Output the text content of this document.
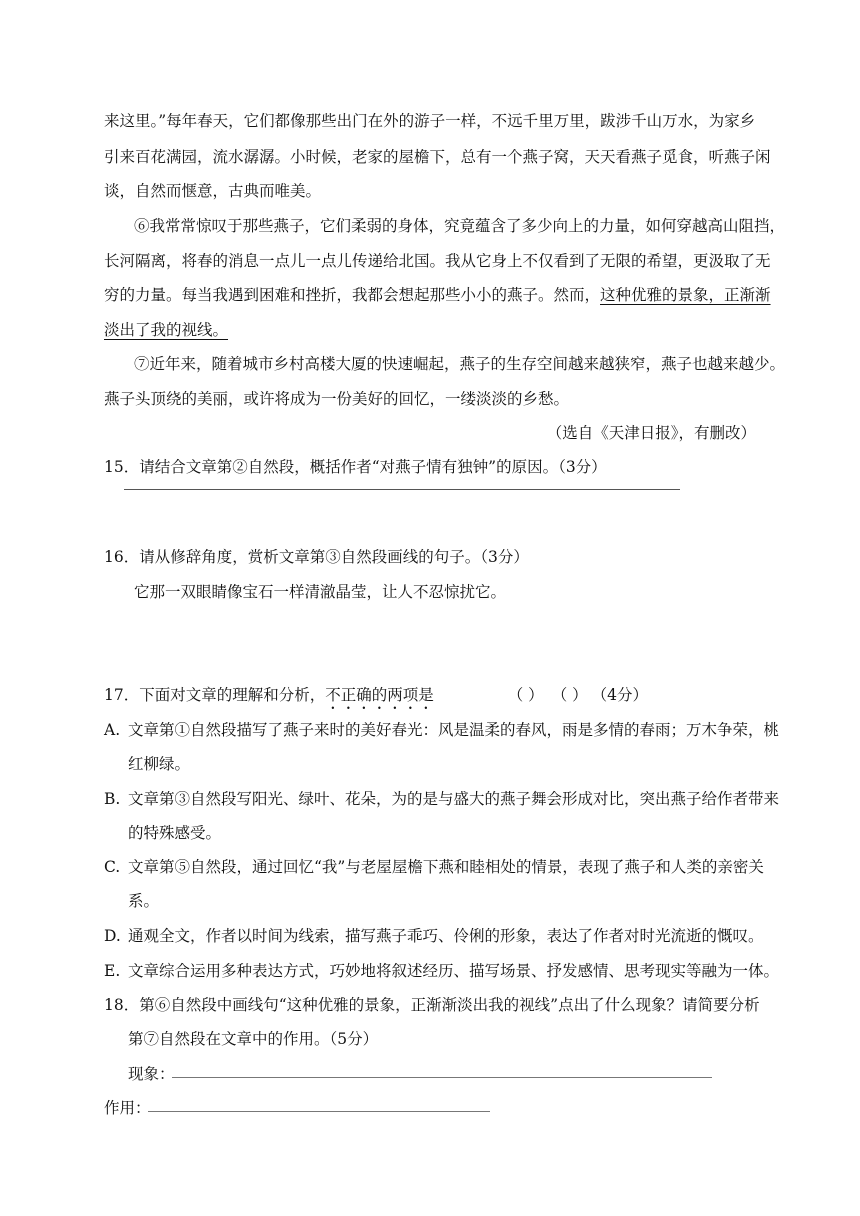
来这里。”每年春天，它们都像那些出门在外的游子一样，不远千里万里，跋涉千山万水，为家乡
引来百花满园，流水潺潺。小时候，老家的屋檐下，总有一个燕子窝，天天看燕子觅食，听燕子闲
谈，自然而惬意，古典而唯美。
⑥我常常惊叹于那些燕子，它们柔弱的身体，究竟蕴含了多少向上的力量，如何穿越高山阻挡，
长河隔离，将春的消息一点儿一点儿传递给北国。我从它身上不仅看到了无限的希望，更汲取了无
穷的力量。每当我遇到困难和挫折，我都会想起那些小小的燕子。然而，这种优雅的景象，正渐渐
淡出了我的视线。
⑦近年来，随着城市乡村高楼大厦的快速崛起，燕子的生存空间越来越狭窄，燕子也越来越少。
燕子头顶绕的美丽，或许将成为一份美好的回忆，一缕淡淡的乡愁。
（选自《天津日报》，有删改）
15．请结合文章第②自然段，概括作者“对燕子情有独钟”的原因。（3分）
16．请从修辞角度，赏析文章第③自然段画线的句子。（3分）
它那一双眼睛像宝石一样清澈晶莹，让人不忍惊扰它。
17．下面对文章的理解和分析，不正确的两项是	（ ） （ ） （4分）
A. 文章第①自然段描写了燕子来时的美好春光：风是温柔的春风，雨是多情的春雨；万木争荣，桃
红柳绿。
B. 文章第③自然段写阳光、绿叶、花朵，为的是与盛大的燕子舞会形成对比，突出燕子给作者带来
的特殊感受。
C. 文章第⑤自然段，通过回忆“我”与老屋屋檐下燕和睦相处的情景，表现了燕子和人类的亲密关
系。
D. 通观全文，作者以时间为线索，描写燕子乖巧、伶俐的形象，表达了作者对时光流逝的慨叹。
E. 文章综合运用多种表达方式，巧妙地将叙述经历、描写场景、抒发感情、思考现实等融为一体。
18．第⑥自然段中画线句“这种优雅的景象，正渐渐淡出我的视线”点出了什么现象？请简要分析
第⑦自然段在文章中的作用。（5分）
现象：
作用：
